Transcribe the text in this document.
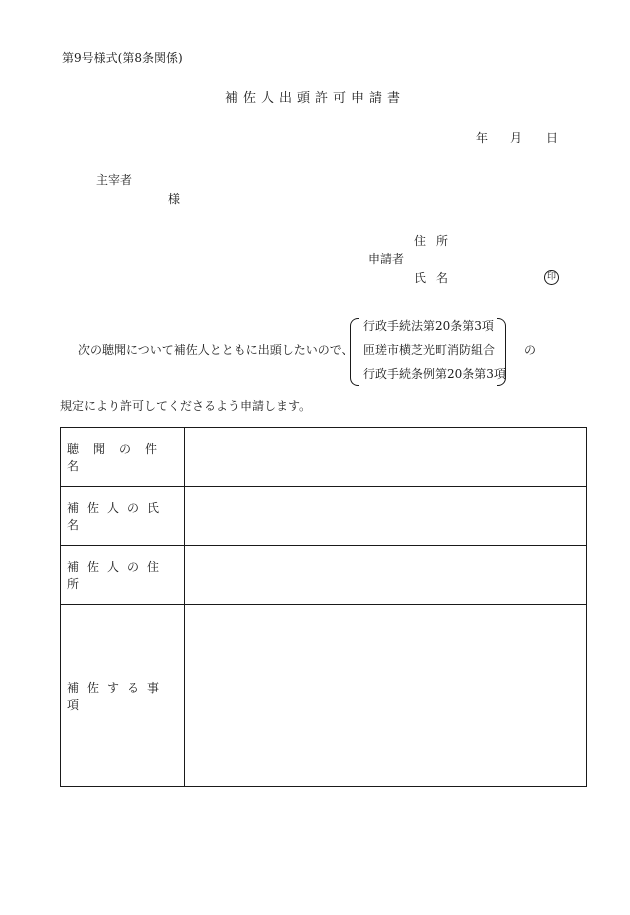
第9号様式(第8条関係)
補佐人出頭許可申請書
年 月 日
主宰者
様
住所
申請者
氏名	印
次の聴聞について補佐人とともに出頭したいので、
行政手続法第20条第3項
匝瑳市横芝光町消防組合
行政手続条例第20条第3項
の
規定により許可してくださるよう申請します。
聴聞の件名	
補佐人の氏名	
補佐人の住所	
補佐する事項	
